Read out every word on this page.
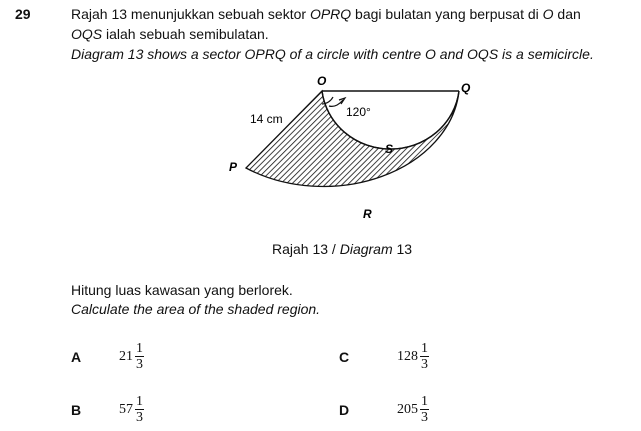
29	Rajah 13 menunjukkan sebuah sektor OPRQ bagi bulatan yang berpusat di O dan
OQS ialah sebuah semibulatan.
Diagram 13 shows a sector OPRQ of a circle with centre O and OQS is a semicircle.
O	Q
P
S
R
14 cm	120°
Rajah 13 / Diagram 13
Hitung luas kawasan yang berlorek.
Calculate the area of the shaded region.
A	$21 \frac{1}{3}$
B	$57 \frac{1}{3}$
C	$128 \frac{1}{3}$
D	$205 \frac{1}{3}$
